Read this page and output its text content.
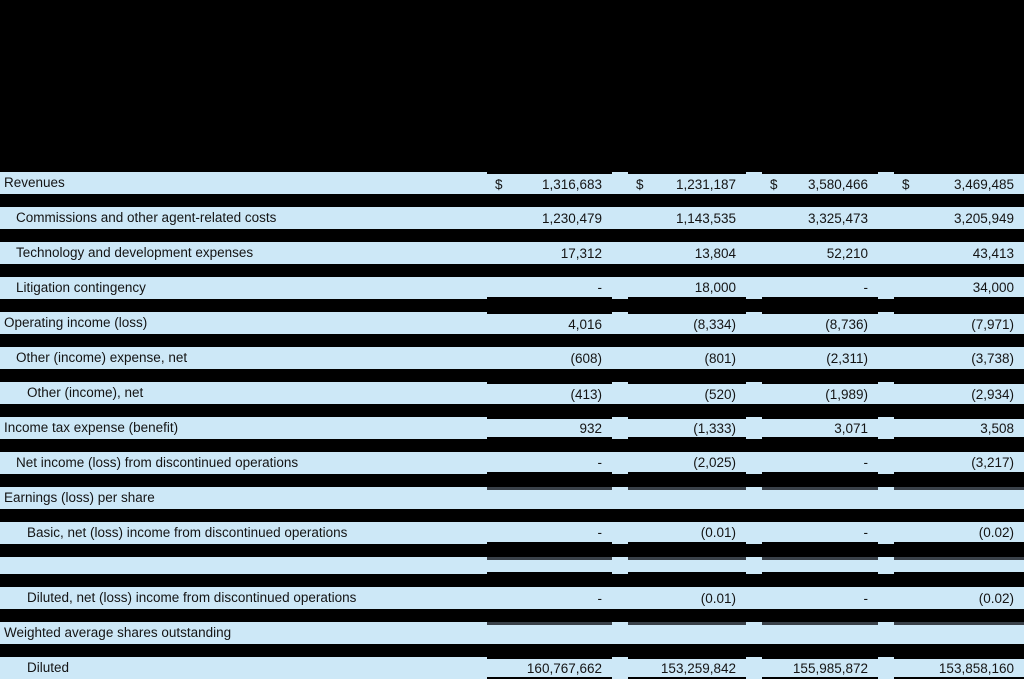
Revenues	$	1,316,683	$ 1,231,187	$ 3,580,466	$	3,469,485
Commissions and other agent-related costs	1,230,479	1,143,535	3,325,473	3,205,949
Technology and development expenses	17,312	13,804	52,210	43,413
Litigation contingency	-	18,000	-	34,000
Operating income (loss)	4,016	(8,334)	(8,736)	(7,971)
Other (income) expense, net	(608)	(801)	(2,311)	(3,738)
Other (income), net	(413)	(520)	(1,989)	(2,934)
Income tax expense (benefit)	932	(1,333)	3,071	3,508
Net income (loss) from discontinued operations	-	(2,025)	-	(3,217)
Earnings (loss) per share
Basic, net (loss) income from discontinued operations	-	(0.01)	-	(0.02)
Diluted, net (loss) income from discontinued operations	-	(0.01)	-	(0.02)
Weighted average shares outstanding
Diluted	160,767,662	153,259,842	155,985,872	153,858,160
